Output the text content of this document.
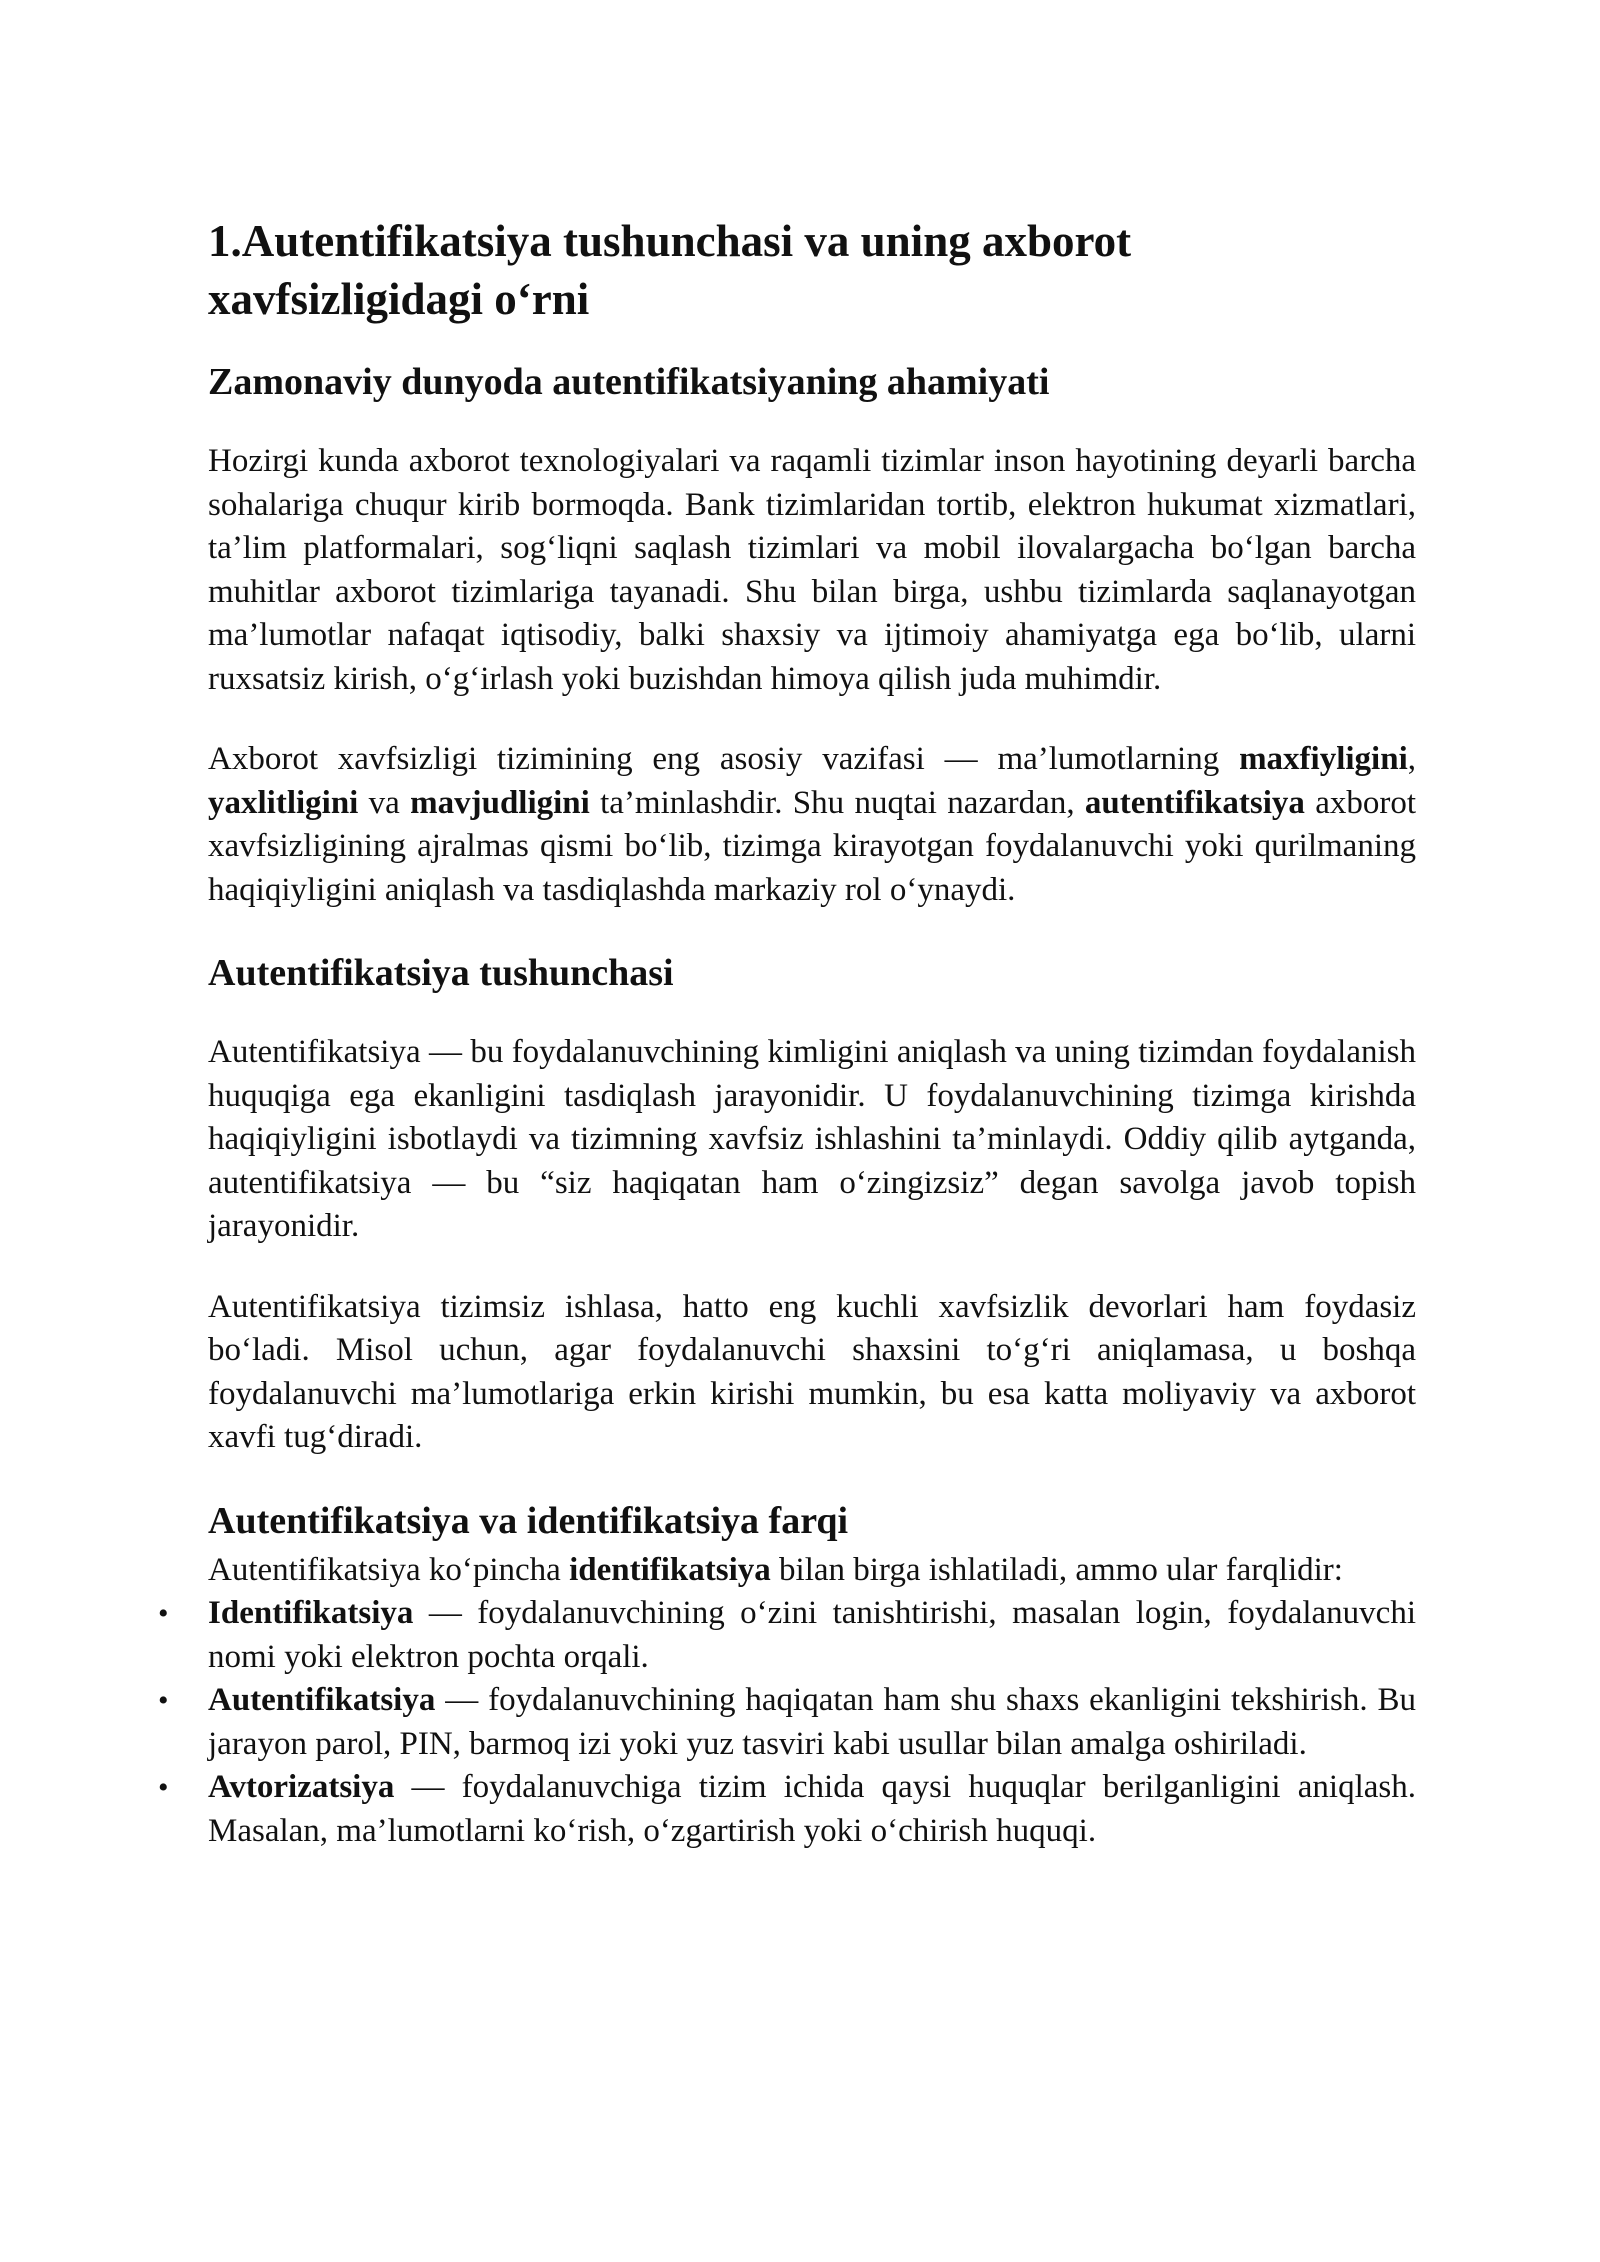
1.Autentifikatsiya tushunchasi va uning axborot xavfsizligidagi o‘rni
Zamonaviy dunyoda autentifikatsiyaning ahamiyati

Hozirgi kunda axborot texnologiyalari va raqamli tizimlar inson hayotining deyarli barcha sohalariga chuqur kirib bormoqda. Bank tizimlaridan tortib, elektron hukumat xizmatlari, ta’lim platformalari, sog‘liqni saqlash tizimlari va mobil ilovalargacha bo‘lgan barcha muhitlar axborot tizimlariga tayanadi. Shu bilan birga, ushbu tizimlarda saqlanayotgan ma’lumotlar nafaqat iqtisodiy, balki shaxsiy va ijtimoiy ahamiyatga ega bo‘lib, ularni ruxsatsiz kirish, o‘g‘irlash yoki buzishdan himoya qilish juda muhimdir.

Axborot xavfsizligi tizimining eng asosiy vazifasi — ma’lumotlarning maxfiyligini, yaxlitligini va mavjudligini ta’minlashdir. Shu nuqtai nazardan, autentifikatsiya axborot xavfsizligining ajralmas qismi bo‘lib, tizimga kirayotgan foydalanuvchi yoki qurilmaning haqiqiyligini aniqlash va tasdiqlashda markaziy rol o‘ynaydi.

Autentifikatsiya tushunchasi

Autentifikatsiya — bu foydalanuvchining kimligini aniqlash va uning tizimdan foydalanish huquqiga ega ekanligini tasdiqlash jarayonidir. U foydalanuvchining tizimga kirishda haqiqiyligini isbotlaydi va tizimning xavfsiz ishlashini ta’minlaydi. Oddiy qilib aytganda, autentifikatsiya — bu “siz haqiqatan ham o‘zingizsiz” degan savolga javob topish jarayonidir.

Autentifikatsiya tizimsiz ishlasa, hatto eng kuchli xavfsizlik devorlari ham foydasiz bo‘ladi. Misol uchun, agar foydalanuvchi shaxsini to‘g‘ri aniqlamasa, u boshqa foydalanuvchi ma’lumotlariga erkin kirishi mumkin, bu esa katta moliyaviy va axborot xavfi tug‘diradi.

Autentifikatsiya va identifikatsiya farqi

Autentifikatsiya ko‘pincha identifikatsiya bilan birga ishlatiladi, ammo ular farqlidir:

• Identifikatsiya — foydalanuvchining o‘zini tanishtirishi, masalan login, foydalanuvchi nomi yoki elektron pochta orqali.
• Autentifikatsiya — foydalanuvchining haqiqatan ham shu shaxs ekanligini tekshirish. Bu jarayon parol, PIN, barmoq izi yoki yuz tasviri kabi usullar bilan amalga oshiriladi.
• Avtorizatsiya — foydalanuvchiga tizim ichida qaysi huquqlar berilganligini aniqlash. Masalan, ma’lumotlarni ko‘rish, o‘zgartirish yoki o‘chirish huquqi.
